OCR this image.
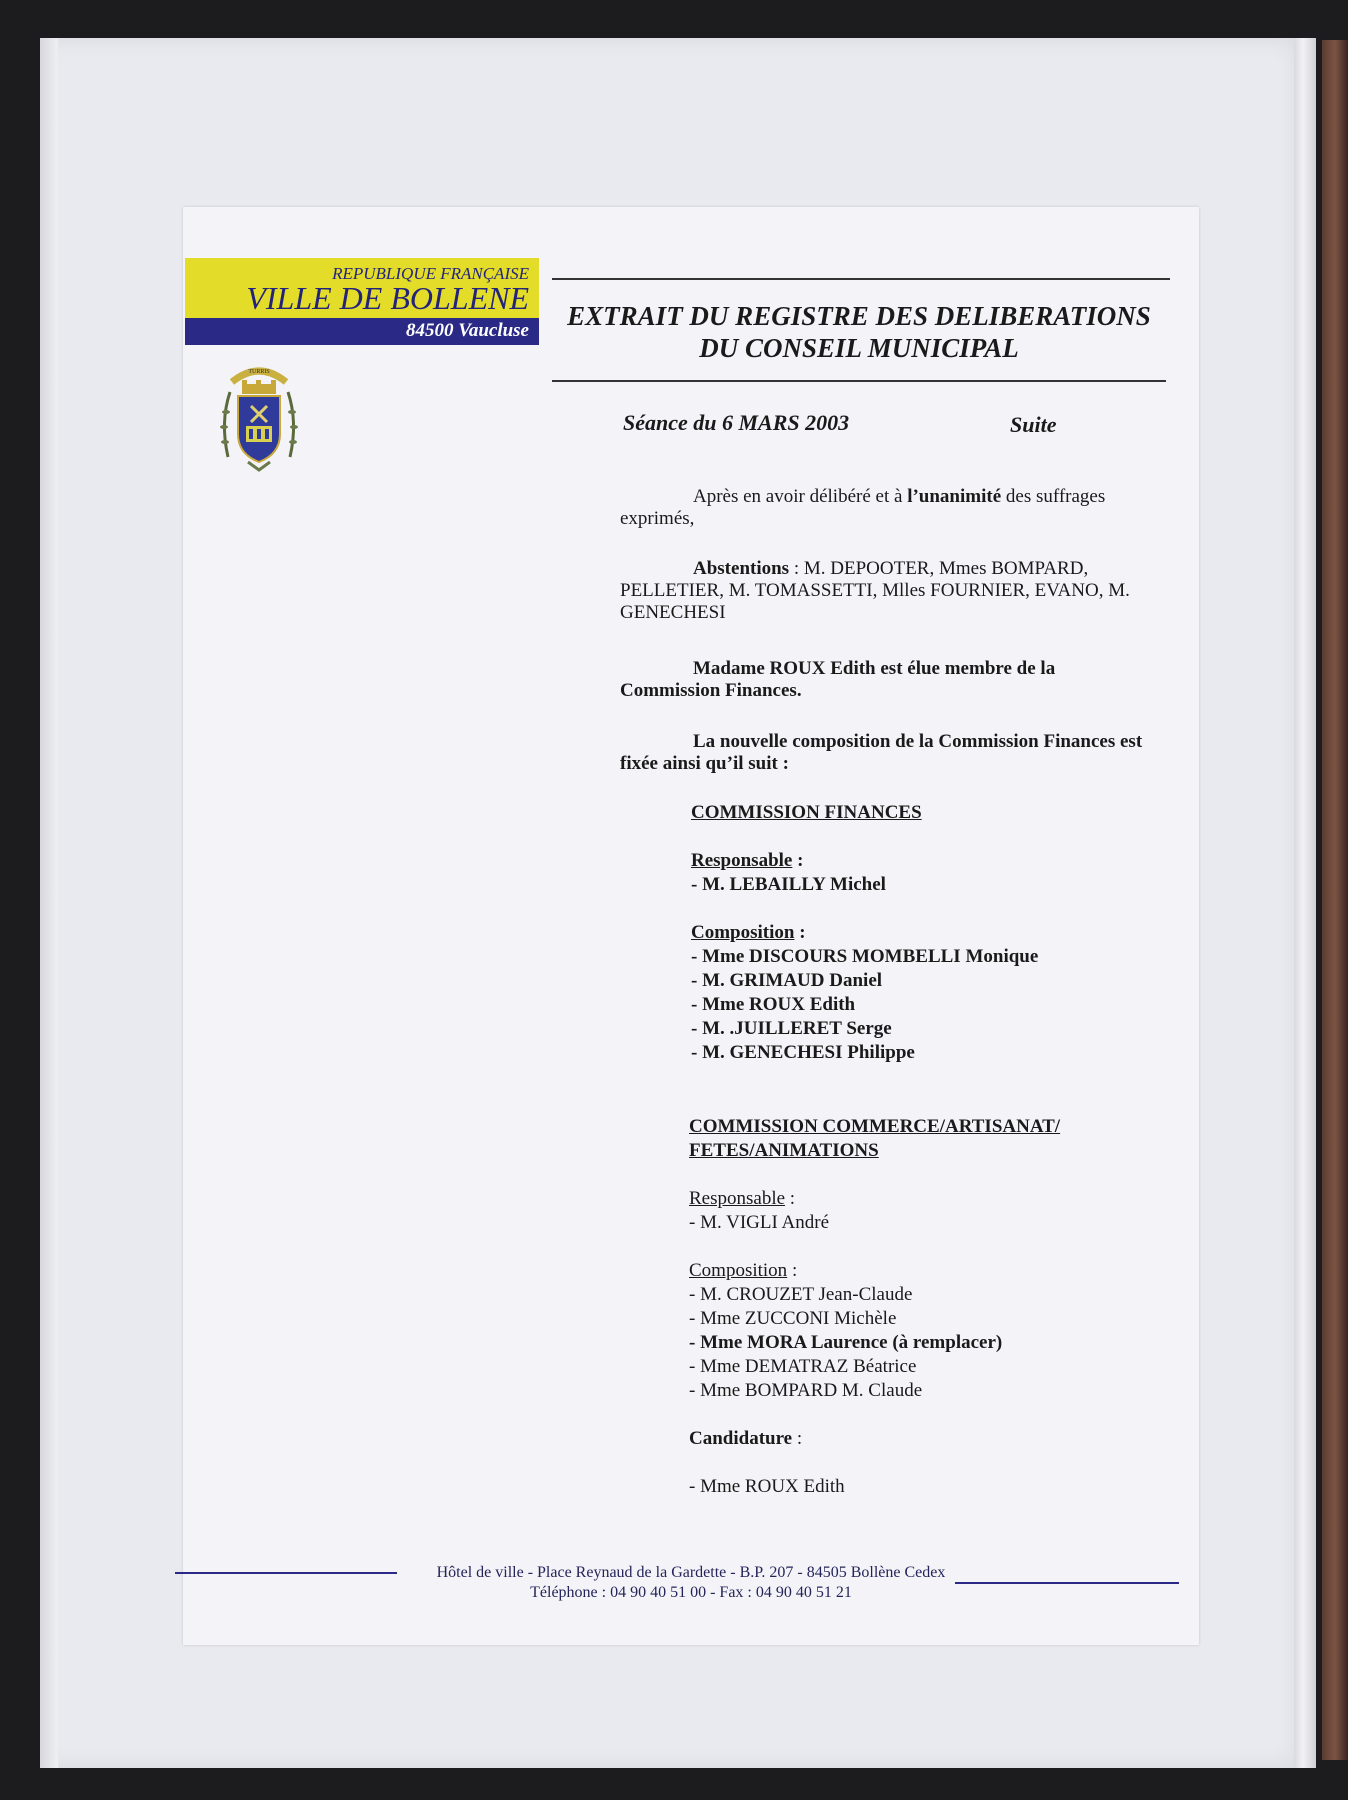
REPUBLIQUE FRANÇAISE
VILLE DE BOLLENE
84500 Vaucluse
TURRIS
EXTRAIT DU REGISTRE DES DELIBERATIONS
DU CONSEIL MUNICIPAL
Séance du 6 MARS 2003	Suite

Après en avoir délibéré et à l’unanimité des suffrages exprimés,

Abstentions : M. DEPOOTER, Mmes BOMPARD, PELLETIER, M. TOMASSETTI, Mlles FOURNIER, EVANO, M. GENECHESI

Madame ROUX Edith est élue membre de la Commission Finances.

La nouvelle composition de la Commission Finances est fixée ainsi qu’il suit :

COMMISSION FINANCES
Responsable :
- M. LEBAILLY Michel
Composition :
- Mme DISCOURS MOMBELLI Monique
- M. GRIMAUD Daniel
- Mme ROUX Edith
- M. .JUILLERET Serge
- M. GENECHESI Philippe
COMMISSION COMMERCE/ARTISANAT/
FETES/ANIMATIONS
Responsable :
- M. VIGLI André
Composition :
- M. CROUZET Jean-Claude
- Mme ZUCCONI Michèle
- Mme MORA Laurence (à remplacer)
- Mme DEMATRAZ Béatrice
- Mme BOMPARD M. Claude
Candidature :
- Mme ROUX Edith
Hôtel de ville - Place Reynaud de la Gardette - B.P. 207 - 84505 Bollène Cedex
Téléphone : 04 90 40 51 00 - Fax : 04 90 40 51 21
